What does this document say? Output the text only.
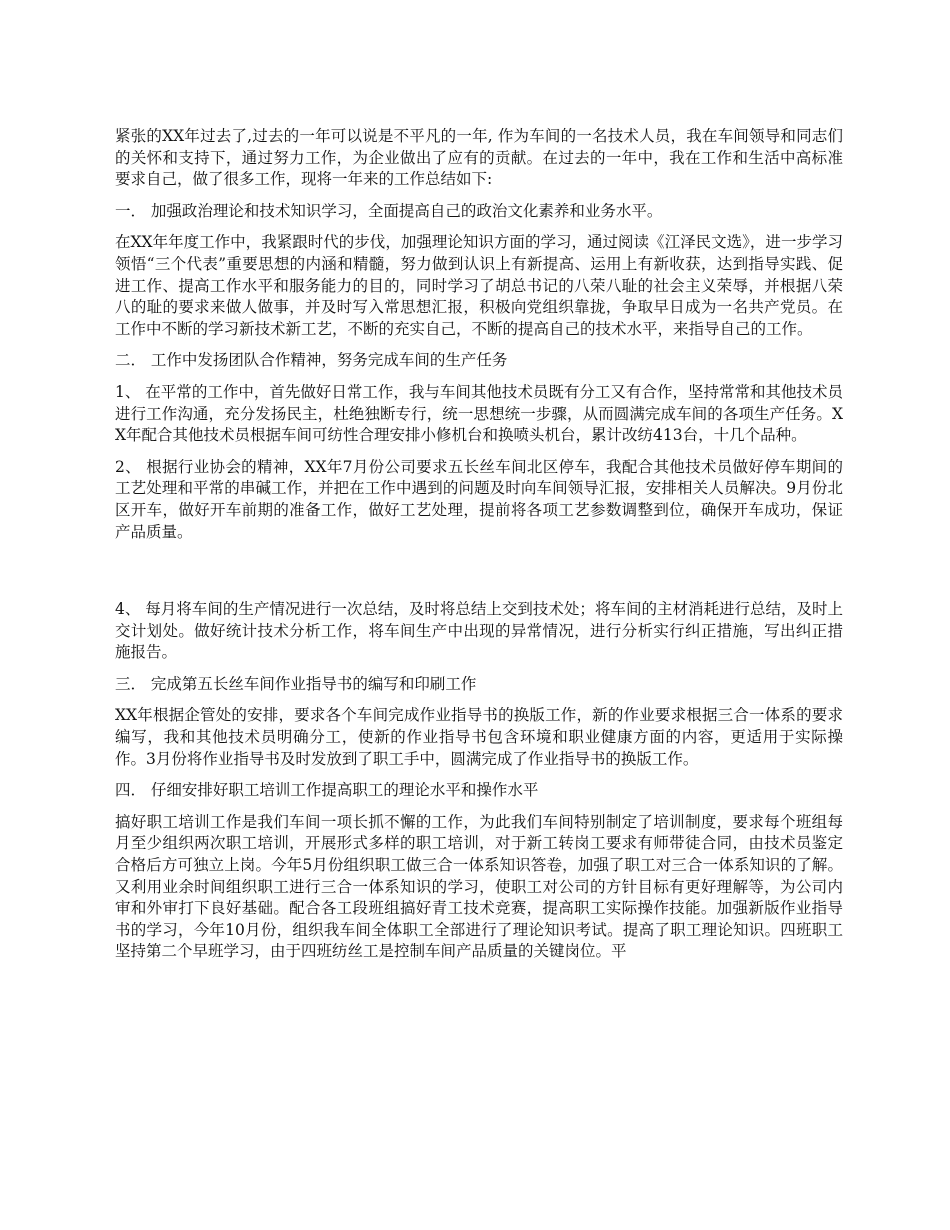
紧张的XX年过去了,过去的一年可以说是不平凡的一年, 作为车间的一名技术人员，我在车间领导和同志们的关怀和支持下，通过努力工作，为企业做出了应有的贡献。在过去的一年中，我在工作和生活中高标准要求自己，做了很多工作，现将一年来的工作总结如下:

一． 加强政治理论和技术知识学习，全面提高自己的政治文化素养和业务水平。

在XX年年度工作中，我紧跟时代的步伐，加强理论知识方面的学习，通过阅读《江泽民文选》，进一步学习领悟“三个代表”重要思想的内涵和精髓，努力做到认识上有新提高、运用上有新收获，达到指导实践、促进工作、提高工作水平和服务能力的目的，同时学习了胡总书记的八荣八耻的社会主义荣辱，并根据八荣八的耻的要求来做人做事，并及时写入常思想汇报，积极向党组织靠拢，争取早日成为一名共产党员。在工作中不断的学习新技术新工艺，不断的充实自己，不断的提高自己的技术水平，来指导自己的工作。

二． 工作中发扬团队合作精神，努务完成车间的生产任务

1、 在平常的工作中，首先做好日常工作，我与车间其他技术员既有分工又有合作，坚持常常和其他技术员进行工作沟通，充分发扬民主，杜绝独断专行，统一思想统一步骤，从而圆满完成车间的各项生产任务。XX年配合其他技术员根据车间可纺性合理安排小修机台和换喷头机台，累计改纺413台，十几个品种。

2、 根据行业协会的精神，XX年7月份公司要求五长丝车间北区停车，我配合其他技术员做好停车期间的工艺处理和平常的串碱工作，并把在工作中遇到的问题及时向车间领导汇报，安排相关人员解决。9月份北区开车，做好开车前期的准备工作，做好工艺处理，提前将各项工艺参数调整到位，确保开车成功，保证产品质量。

4、 每月将车间的生产情况进行一次总结，及时将总结上交到技术处；将车间的主材消耗进行总结，及时上交计划处。做好统计技术分析工作，将车间生产中出现的异常情况，进行分析实行纠正措施，写出纠正措施报告。

三． 完成第五长丝车间作业指导书的编写和印刷工作

XX年根据企管处的安排，要求各个车间完成作业指导书的换版工作，新的作业要求根据三合一体系的要求编写，我和其他技术员明确分工，使新的作业指导书包含环境和职业健康方面的内容，更适用于实际操作。3月份将作业指导书及时发放到了职工手中，圆满完成了作业指导书的换版工作。

四． 仔细安排好职工培训工作提高职工的理论水平和操作水平

搞好职工培训工作是我们车间一项长抓不懈的工作，为此我们车间特别制定了培训制度，要求每个班组每月至少组织两次职工培训，开展形式多样的职工培训，对于新工转岗工要求有师带徒合同，由技术员鉴定合格后方可独立上岗。今年5月份组织职工做三合一体系知识答卷，加强了职工对三合一体系知识的了解。又利用业余时间组织职工进行三合一体系知识的学习，使职工对公司的方针目标有更好理解等，为公司内审和外审打下良好基础。配合各工段班组搞好青工技术竞赛，提高职工实际操作技能。加强新版作业指导书的学习，今年10月份，组织我车间全体职工全部进行了理论知识考试。提高了职工理论知识。四班职工坚持第二个早班学习，由于四班纺丝工是控制车间产品质量的关键岗位。平
